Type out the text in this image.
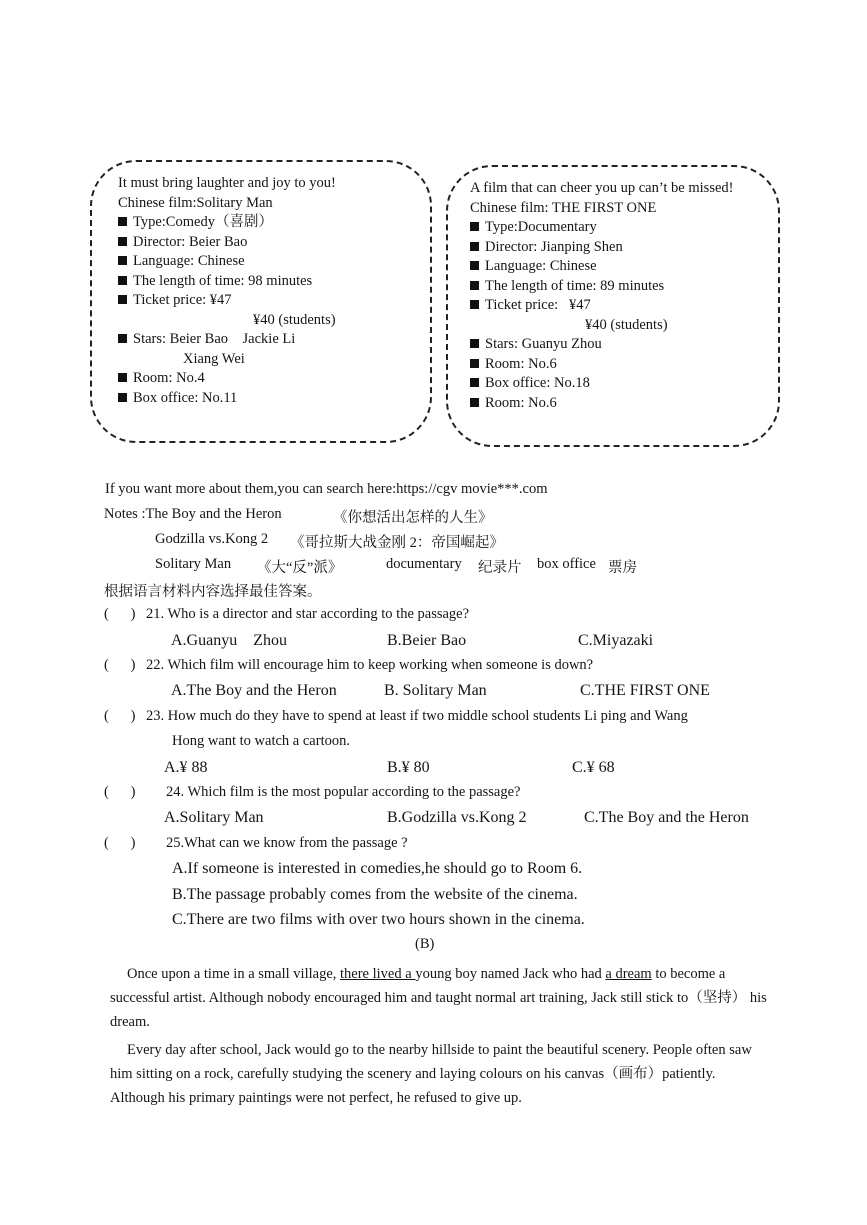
It must bring laughter and joy to you!
Chinese film:Solitary Man
Type:Comedy（喜剧）
Director: Beier Bao
Language: Chinese
The length of time: 98 minutes
Ticket price: ¥47
¥40 (students)
Stars: Beier Bao    Jackie Li
Xiang Wei
Room: No.4
Box office: No.11
A film that can cheer you up can’t be missed!
Chinese film: THE FIRST ONE
Type:Documentary
Director: Jianping Shen
Language: Chinese
The length of time: 89 minutes
Ticket price:   ¥47
¥40 (students)
Stars: Guanyu Zhou
Room: No.6
Box office: No.18
Room: No.6
If you want more about them,you can search here:https://cgv movie***.com
Notes :The Boy and the Heron	《你想活出怎样的人生》
Godzilla vs.Kong 2 《哥拉斯大战金刚 2：帝国崛起》
Solitary Man 《大“反”派》	documentary 纪录片 box office 票房
根据语言材料内容选择最佳答案。
(      ) 21. Who is a director and star according to the passage?
A.Guanyu    Zhou	B.Beier Bao	C.Miyazaki
(      ) 22. Which film will encourage him to keep working when someone is down?
A.The Boy and the Heron	B. Solitary Man	C.THE FIRST ONE
(      ) 23. How much do they have to spend at least if two middle school students Li ping and Wang
Hong want to watch a cartoon.
A.¥ 88	B.¥ 80	C.¥ 68
(      ) 24. Which film is the most popular according to the passage?
A.Solitary Man	B.Godzilla vs.Kong 2	C.The Boy and the Heron
(      ) 25.What can we know from the passage ?
A.If someone is interested in comedies,he should go to Room 6.
B.The passage probably comes from the website of the cinema.
C.There are two films with over two hours shown in the cinema.
(B)

Once upon a time in a small village, there lived a young boy named Jack who had a dream to become a successful artist. Although nobody encouraged him and taught normal art training, Jack still stick to（坚持） his dream.

Every day after school, Jack would go to the nearby hillside to paint the beautiful scenery. People often saw him sitting on a rock, carefully studying the scenery and laying colours on his canvas（画布）patiently. Although his primary paintings were not perfect, he refused to give up.
